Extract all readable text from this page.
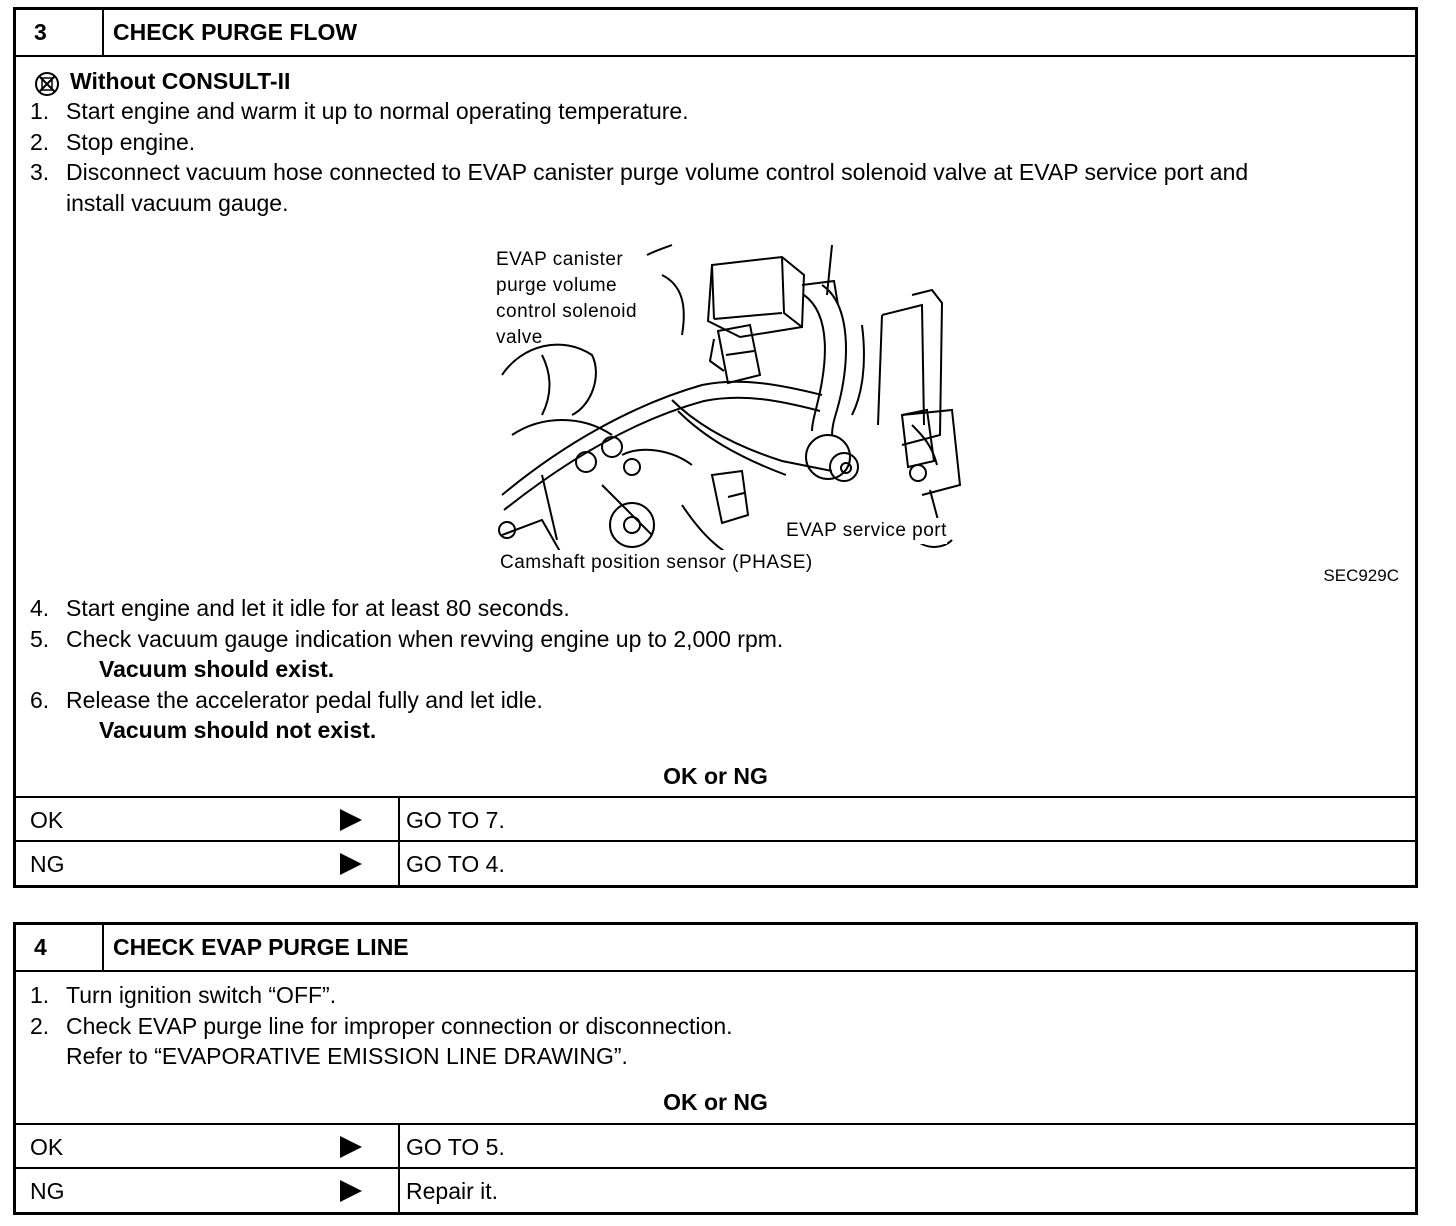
3	CHECK PURGE FLOW
Without CONSULT-II
1. Start engine and warm it up to normal operating temperature.
2. Stop engine.
3. Disconnect vacuum hose connected to EVAP canister purge volume control solenoid valve at EVAP service port and
install vacuum gauge.
EVAP canister
purge volume
control solenoid
valve
EVAP service port
Camshaft position sensor (PHASE)
SEC929C
4. Start engine and let it idle for at least 80 seconds.
5. Check vacuum gauge indication when revving engine up to 2,000 rpm.
Vacuum should exist.
6. Release the accelerator pedal fully and let idle.
Vacuum should not exist.
OK or NG
OK	GO TO 7.
NG	GO TO 4.
4	CHECK EVAP PURGE LINE
1. Turn ignition switch “OFF”.
2. Check EVAP purge line for improper connection or disconnection.
Refer to “EVAPORATIVE EMISSION LINE DRAWING”.
OK or NG
OK	GO TO 5.
NG	Repair it.
